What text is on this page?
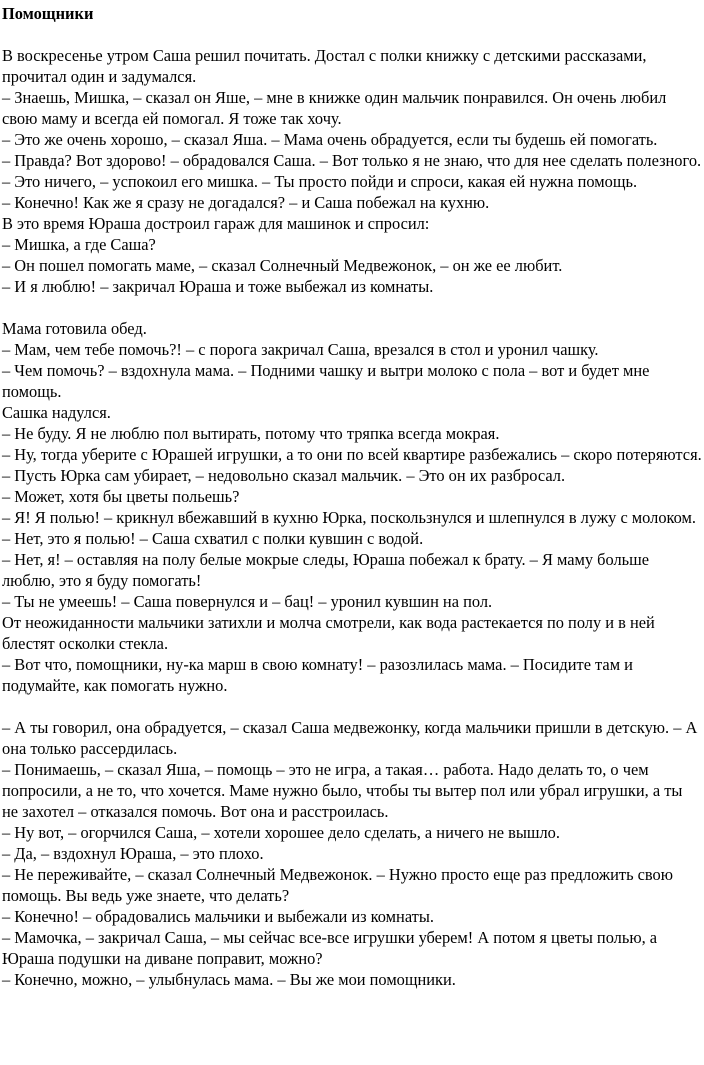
Помощники
В воскресенье утром Саша решил почитать. Достал с полки книжку с детскими рассказами, прочитал один и задумался.
– Знаешь, Мишка, – сказал он Яше, – мне в книжке один мальчик понравился. Он очень любил свою маму и всегда ей помогал. Я тоже так хочу.
– Это же очень хорошо, – сказал Яша. – Мама очень обрадуется, если ты будешь ей помогать.
– Правда? Вот здорово! – обрадовался Саша. – Вот только я не знаю, что для нее сделать полезного.
– Это ничего, – успокоил его мишка. – Ты просто пойди и спроси, какая ей нужна помощь.
– Конечно! Как же я сразу не догадался? – и Саша побежал на кухню.
В это время Юраша достроил гараж для машинок и спросил:
– Мишка, а где Саша?
– Он пошел помогать маме, – сказал Солнечный Медвежонок, – он же ее любит.
– И я люблю! – закричал Юраша и тоже выбежал из комнаты.
Мама готовила обед.
– Мам, чем тебе помочь?! – с порога закричал Саша, врезался в стол и уронил чашку.
– Чем помочь? – вздохнула мама. – Подними чашку и вытри молоко с пола – вот и будет мне помощь.
Сашка надулся.
– Не буду. Я не люблю пол вытирать, потому что тряпка всегда мокрая.
– Ну, тогда уберите с Юрашей игрушки, а то они по всей квартире разбежались – скоро потеряются.
– Пусть Юрка сам убирает, – недовольно сказал мальчик. – Это он их разбросал.
– Может, хотя бы цветы польешь?
– Я! Я полью! – крикнул вбежавший в кухню Юрка, поскользнулся и шлепнулся в лужу с молоком.
– Нет, это я полью! – Саша схватил с полки кувшин с водой.
– Нет, я! – оставляя на полу белые мокрые следы, Юраша побежал к брату. – Я маму больше люблю, это я буду помогать!
– Ты не умеешь! – Саша повернулся и – бац! – уронил кувшин на пол.
От неожиданности мальчики затихли и молча смотрели, как вода растекается по полу и в ней блестят осколки стекла.
– Вот что, помощники, ну-ка марш в свою комнату! – разозлилась мама. – Посидите там и подумайте, как помогать нужно.
– А ты говорил, она обрадуется, – сказал Саша медвежонку, когда мальчики пришли в детскую. – А она только рассердилась.
– Понимаешь, – сказал Яша, – помощь – это не игра, а такая… работа. Надо делать то, о чем попросили, а не то, что хочется. Маме нужно было, чтобы ты вытер пол или убрал игрушки, а ты не захотел – отказался помочь. Вот она и расстроилась.
– Ну вот, – огорчился Саша, – хотели хорошее дело сделать, а ничего не вышло.
– Да, – вздохнул Юраша, – это плохо.
– Не переживайте, – сказал Солнечный Медвежонок. – Нужно просто еще раз предложить свою помощь. Вы ведь уже знаете, что делать?
– Конечно! – обрадовались мальчики и выбежали из комнаты.
– Мамочка, – закричал Саша, – мы сейчас все-все игрушки уберем! А потом я цветы полью, а Юраша подушки на диване поправит, можно?
– Конечно, можно, – улыбнулась мама. – Вы же мои помощники.
